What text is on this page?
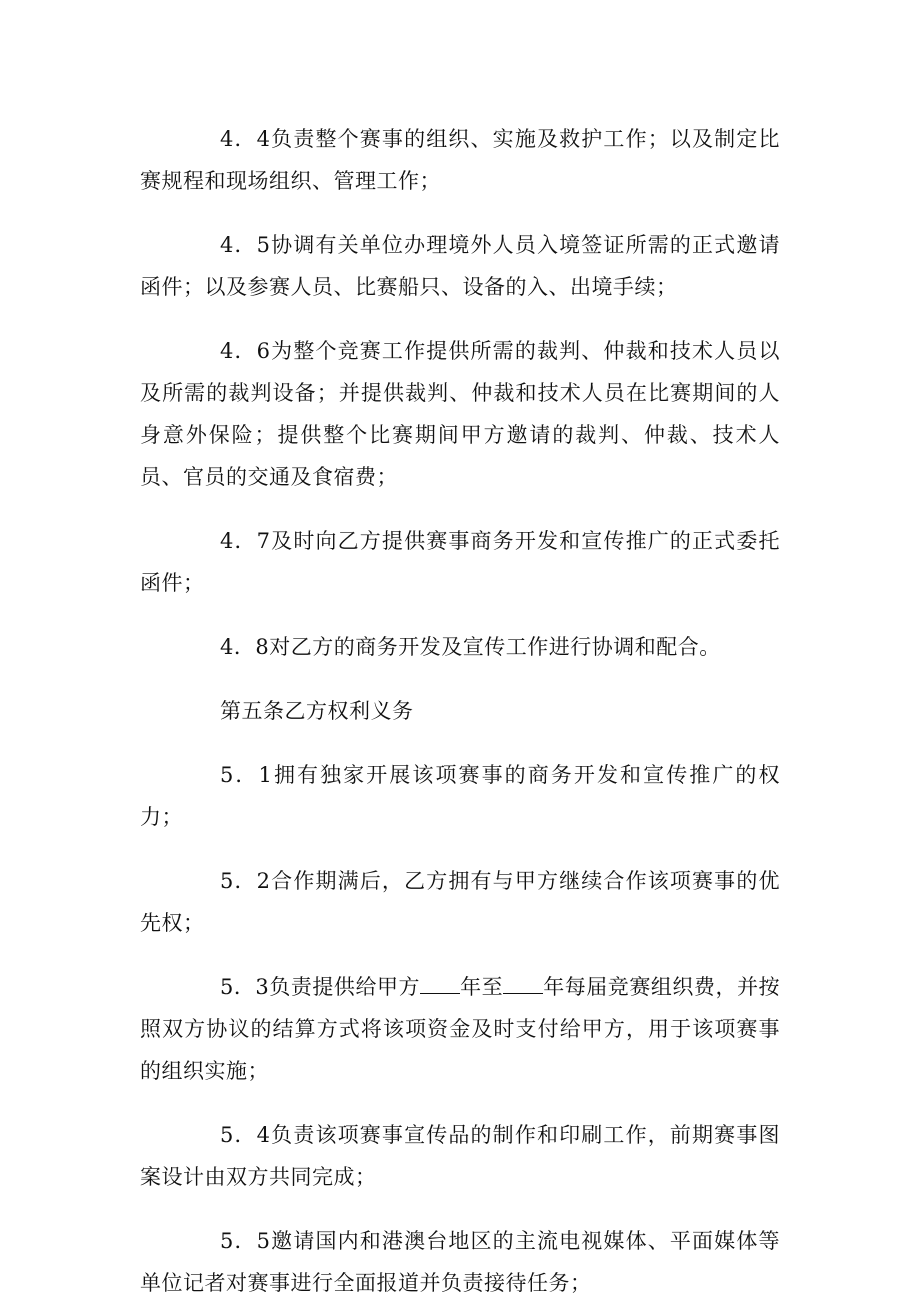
4．4负责整个赛事的组织、实施及救护工作；以及制定比赛规程和现场组织、管理工作；

4．5协调有关单位办理境外人员入境签证所需的正式邀请函件；以及参赛人员、比赛船只、设备的入、出境手续；

4．6为整个竞赛工作提供所需的裁判、仲裁和技术人员以及所需的裁判设备；并提供裁判、仲裁和技术人员在比赛期间的人身意外保险；提供整个比赛期间甲方邀请的裁判、仲裁、技术人员、官员的交通及食宿费；

4．7及时向乙方提供赛事商务开发和宣传推广的正式委托函件；

4．8对乙方的商务开发及宣传工作进行协调和配合。

第五条乙方权利义务

5．1拥有独家开展该项赛事的商务开发和宣传推广的权力；

5．2合作期满后，乙方拥有与甲方继续合作该项赛事的优先权；

5．3负责提供给甲方 年至 年每届竞赛组织费，并按照双方协议的结算方式将该项资金及时支付给甲方，用于该项赛事的组织实施；

5．4负责该项赛事宣传品的制作和印刷工作，前期赛事图案设计由双方共同完成；

5．5邀请国内和港澳台地区的主流电视媒体、平面媒体等单位记者对赛事进行全面报道并负责接待任务；
